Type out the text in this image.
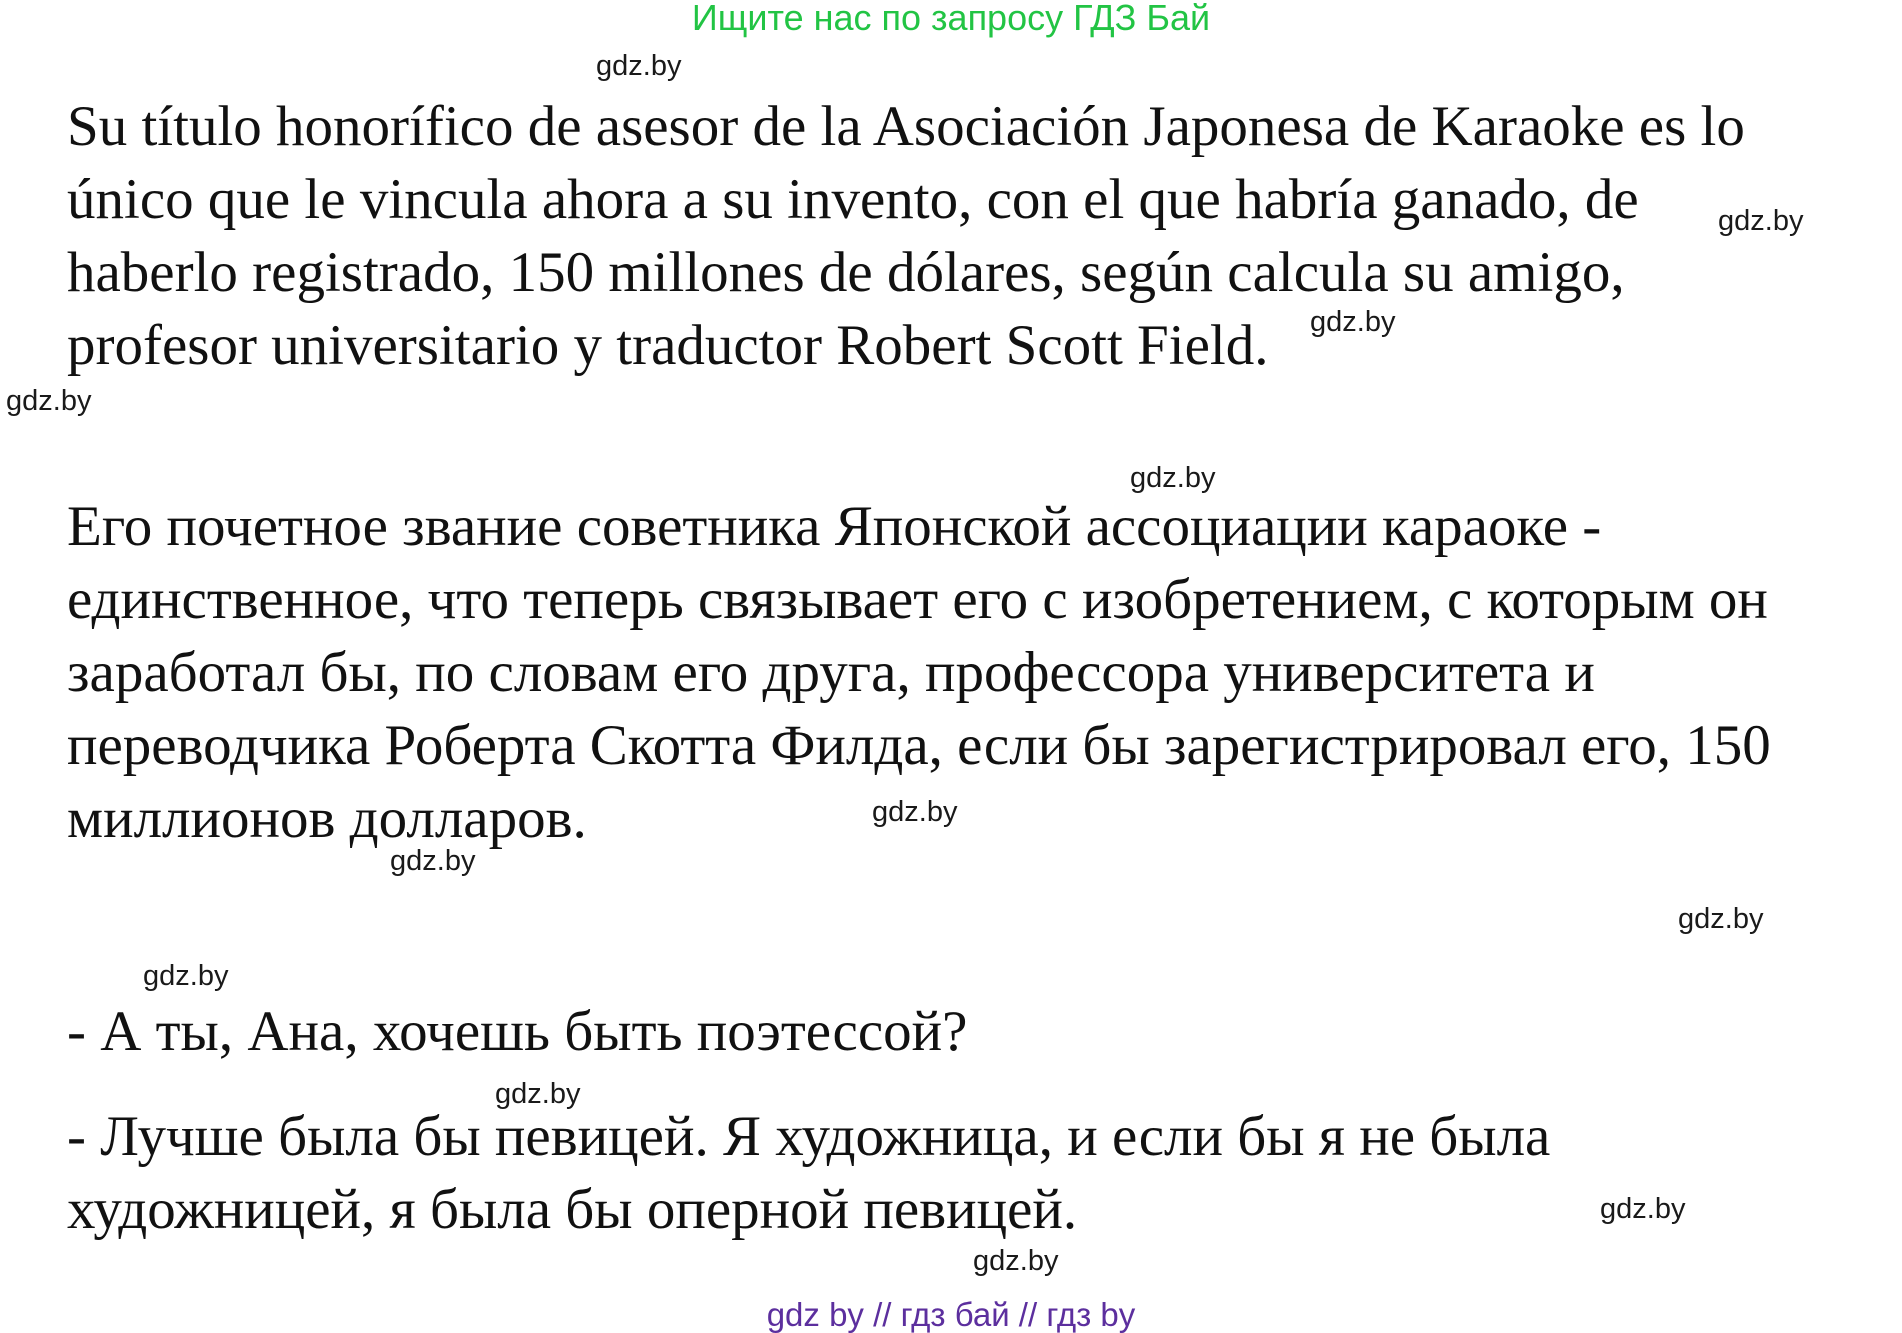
Ищите нас по запросу ГДЗ Бай

Su título honorífico de asesor de la Asociación Japonesa de Karaoke es lo
único que le vincula ahora a su invento, con el que habría ganado, de
haberlo registrado, 150 millones de dólares, según calcula su amigo,
profesor universitario y traductor Robert Scott Field.

Его почетное звание советника Японской ассоциации караоке -
единственное, что теперь связывает его с изобретением, с которым он
заработал бы, по словам его друга, профессора университета и
переводчика Роберта Скотта Филда, если бы зарегистрировал его, 150
миллионов долларов.

- А ты, Ана, хочешь быть поэтессой?

- Лучше была бы певицей. Я художница, и если бы я не была
художницей, я была бы оперной певицей.

gdz.by
gdz.by
gdz.by
gdz.by
gdz.by
gdz.by
gdz.by
gdz.by
gdz.by
gdz.by
gdz.by
gdz.by
gdz by // гдз бай // гдз by
